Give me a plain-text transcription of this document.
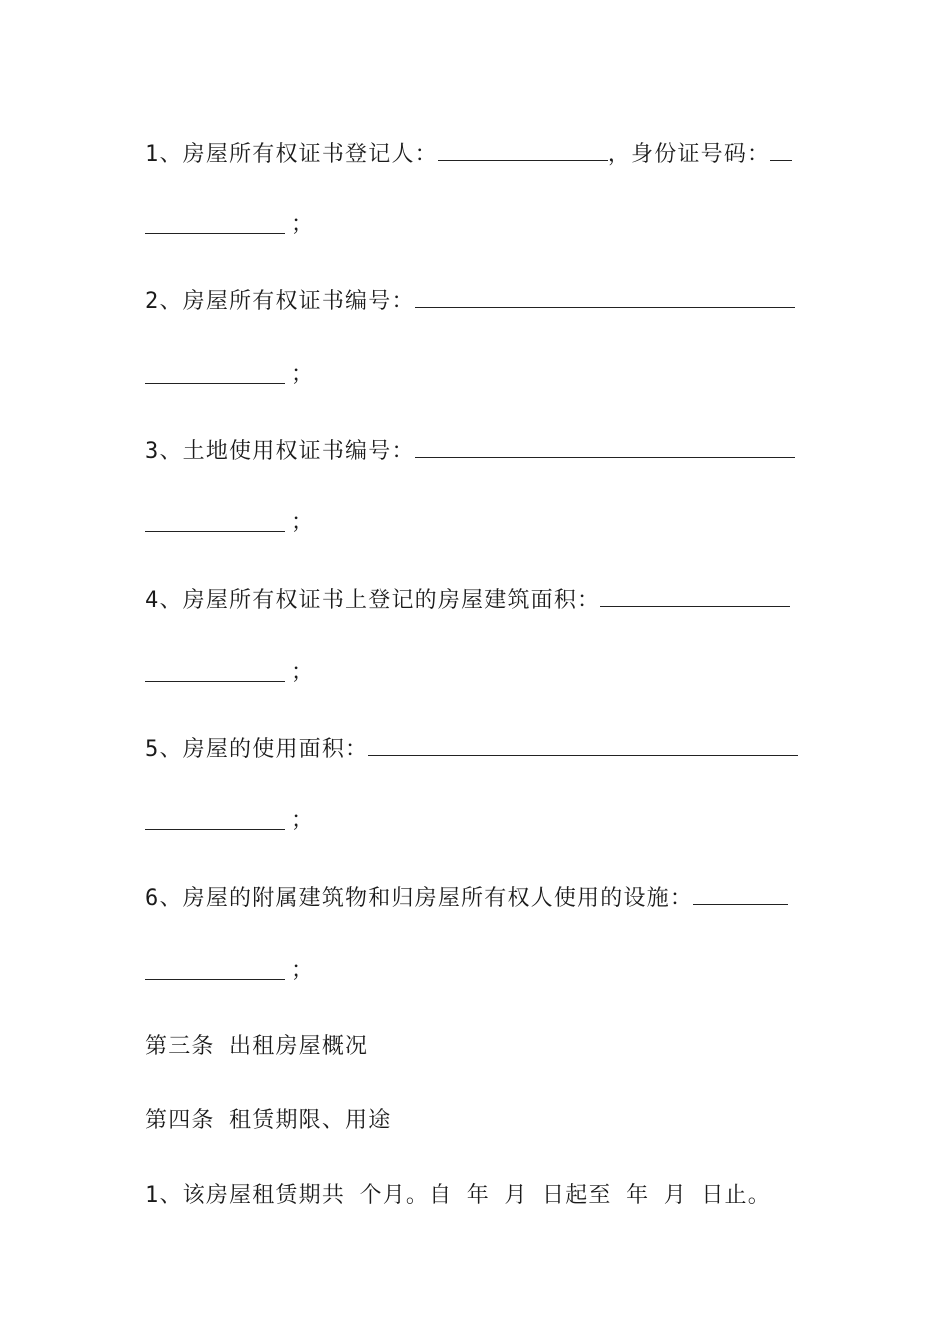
1、房屋所有权证书登记人：	，身份证号码：
；
2、房屋所有权证书编号：
；
3、土地使用权证书编号：
；
4、房屋所有权证书上登记的房屋建筑面积：
；
5、房屋的使用面积：
；
6、房屋的附属建筑物和归房屋所有权人使用的设施：
；
第三条 出租房屋概况
第四条 租赁期限、用途
1、该房屋租赁期共 个月。自 年 月 日起至 年 月 日止。
